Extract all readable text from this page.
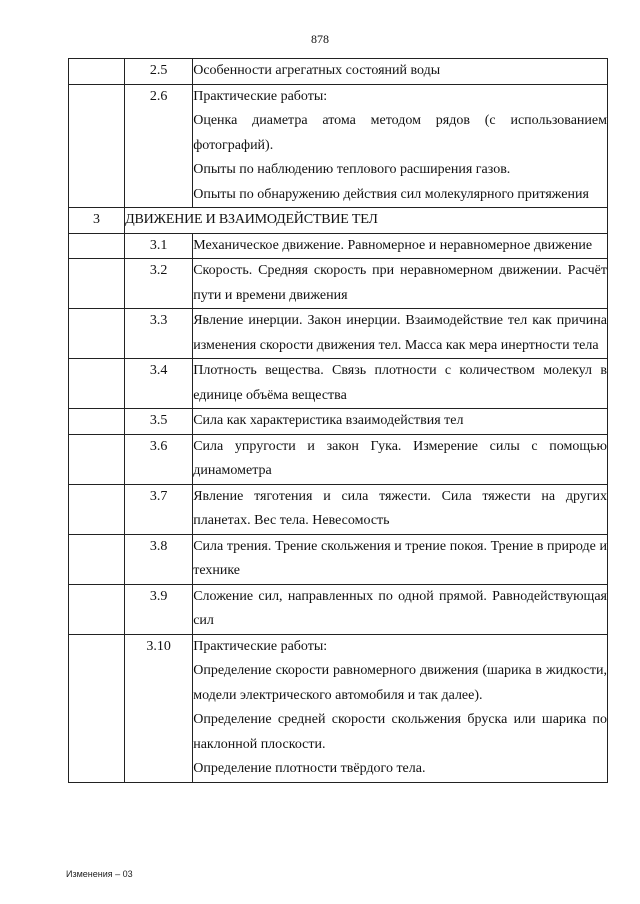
878
	2.5	Особенности агрегатных состояний воды

	2.6	Практические работы:

Оценка диаметра атома методом рядов (с использованием фотографий).

Опыты по наблюдению теплового расширения газов.

Опыты по обнаружению действия сил молекулярного притяжения

3	ДВИЖЕНИЕ И ВЗАИМОДЕЙСТВИЕ ТЕЛ	
	3.1	Механическое движение. Равномерное и неравномерное движение

	3.2	Скорость. Средняя скорость при неравномерном движении. Расчёт пути и времени движения

	3.3	Явление инерции. Закон инерции. Взаимодействие тел как причина изменения скорости движения тел. Масса как мера инертности тела

	3.4	Плотность вещества. Связь плотности с количеством молекул в единице объёма вещества

	3.5	Сила как характеристика взаимодействия тел

	3.6	Сила упругости и закон Гука. Измерение силы с помощью динамометра

	3.7	Явление тяготения и сила тяжести. Сила тяжести на других планетах. Вес тела. Невесомость

	3.8	Сила трения. Трение скольжения и трение покоя. Трение в природе и технике

	3.9	Сложение сил, направленных по одной прямой. Равнодействующая сил

	3.10	Практические работы:

Определение скорости равномерного движения (шарика в жидкости, модели электрического автомобиля и так далее).

Определение средней скорости скольжения бруска или шарика по наклонной плоскости.

Определение плотности твёрдого тела.

Изменения – 03
